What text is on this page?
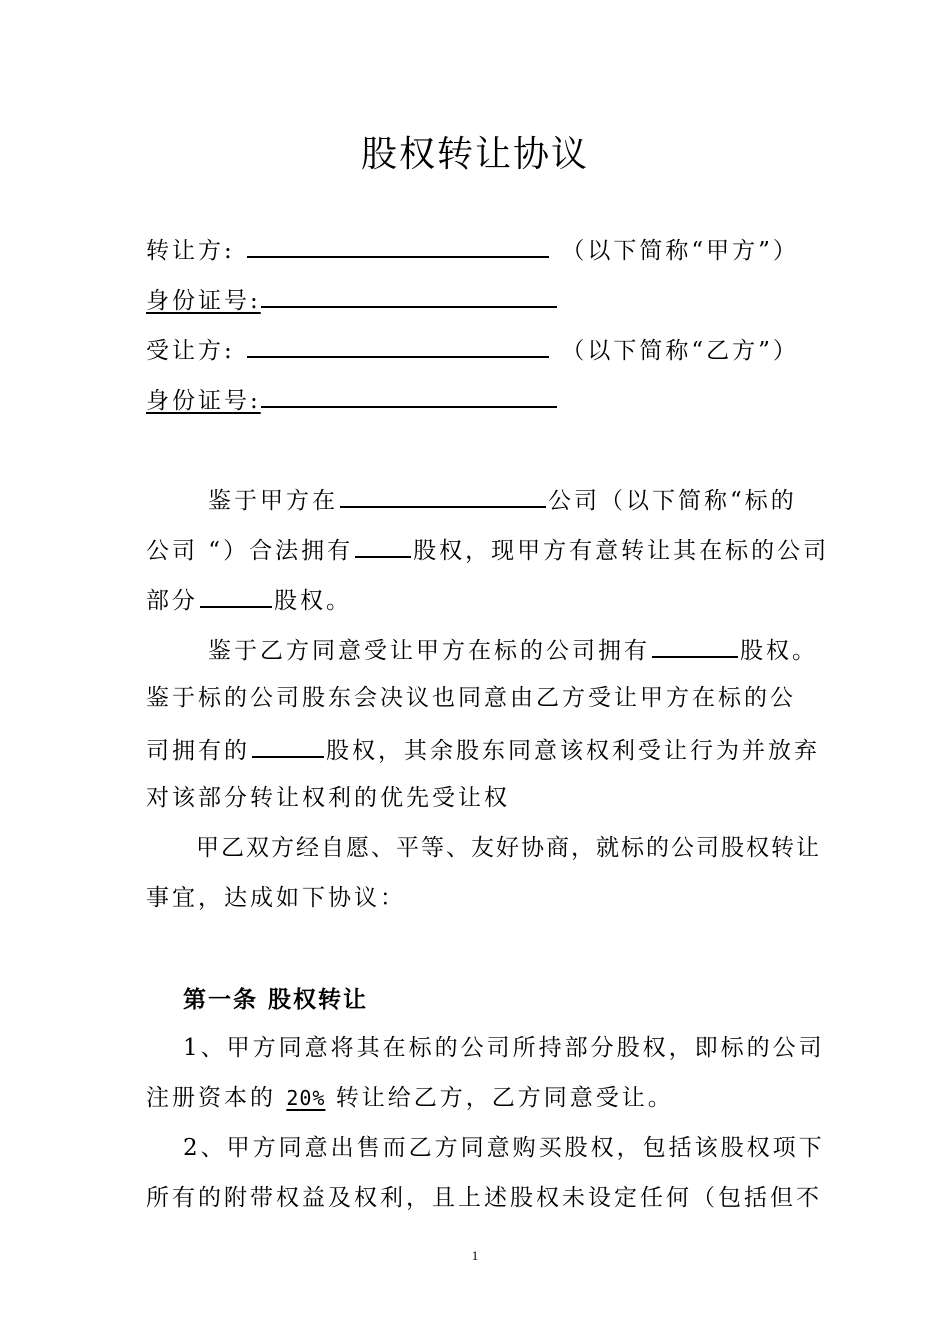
股权转让协议
转让方:	（以下简称“甲方”）
身份证号:
受让方:	（以下简称“乙方”）
身份证号:
鉴于甲方在	公司（以下简称“标的
公司 “）合法拥有	股权，现甲方有意转让其在标的公司
部分	股权。
鉴于乙方同意受让甲方在标的公司拥有	股权。
鉴于标的公司股东会决议也同意由乙方受让甲方在标的公
司拥有的	股权，其余股东同意该权利受让行为并放弃
对该部分转让权利的优先受让权
甲乙双方经自愿、平等、友好协商，就标的公司股权转让
事宜，达成如下协议：
第一条 股权转让
1、甲方同意将其在标的公司所持部分股权，即标的公司
注册资本的 20% 转让给乙方，乙方同意受让。
2、甲方同意出售而乙方同意购买股权，包括该股权项下
所有的附带权益及权利，且上述股权未设定任何（包括但不
1
